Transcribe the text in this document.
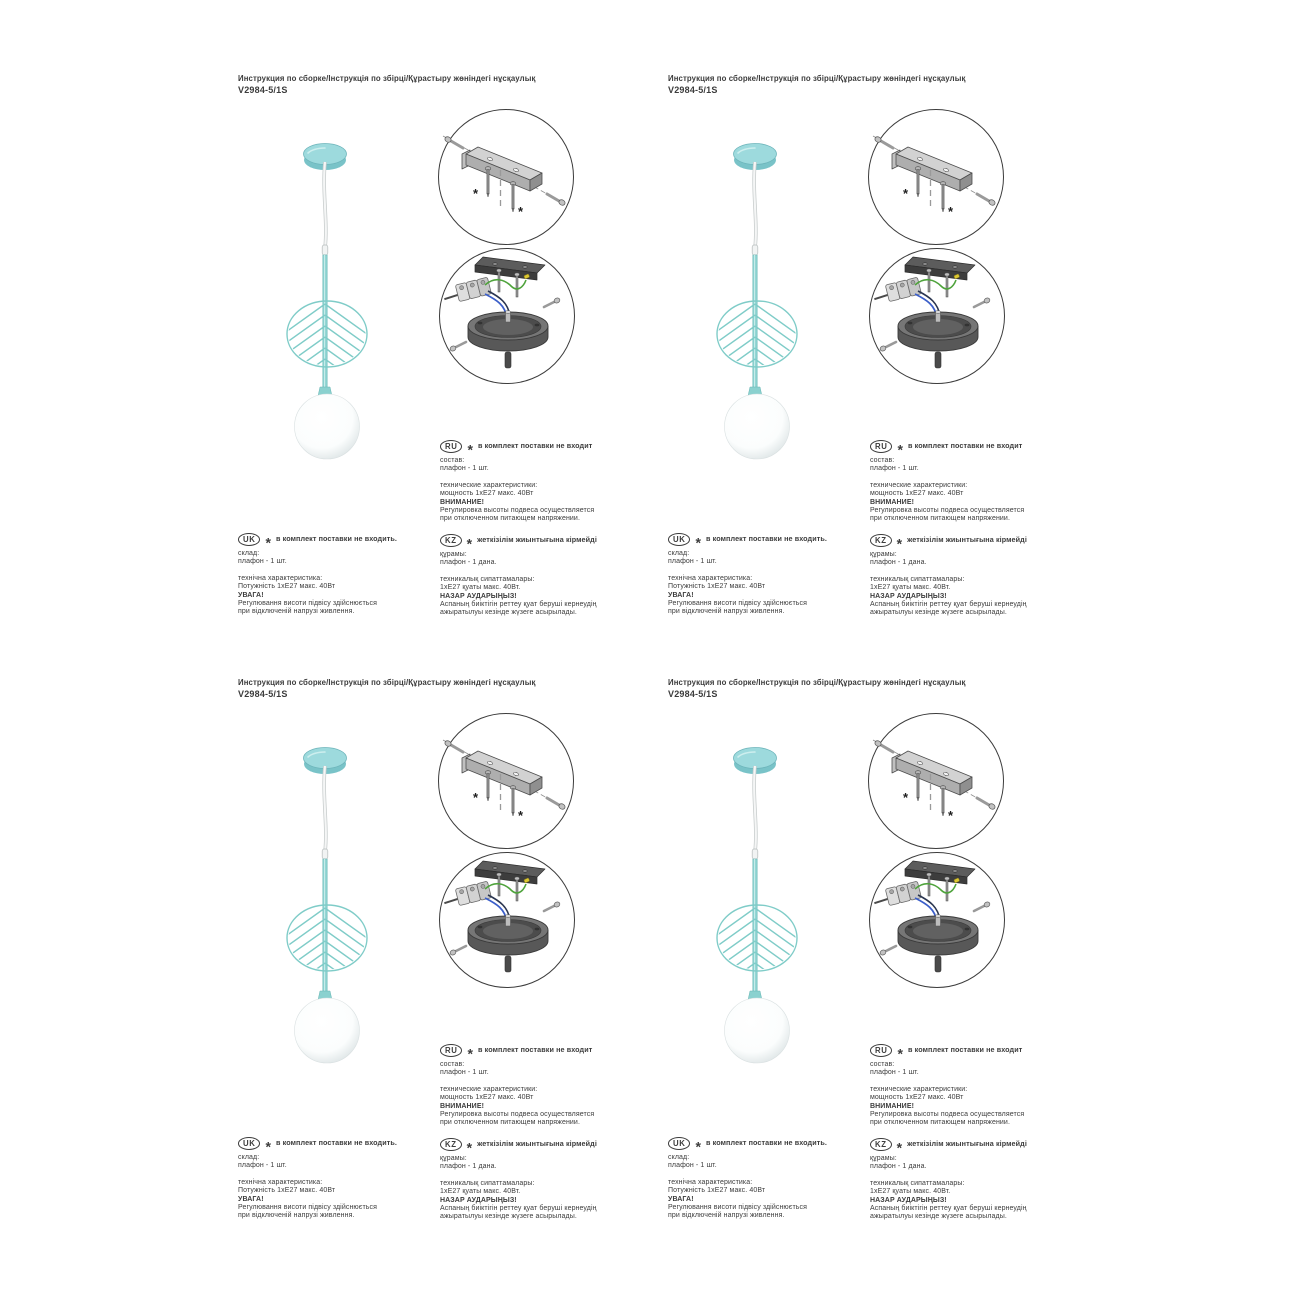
Инструкция по сборке/Інструкція по збірці/Құрастыру жөніндегі нұсқаулық
V2984-5/1S
*
*
RU * в комплект поставки не входит
состав:
плафон - 1 шт.
технические характеристики:
мощность 1хЕ27 макс. 40Вт
ВНИМАНИЕ!
Регулировка высоты подвеса осуществляется
при отключенном питающем напряжении.
UK * в комплект поставки не входить.
склад:
плафон - 1 шт.
технічна характеристика:
Потужність 1хЕ27 макс. 40Вт
УВАГА!
Регулювання висоти підвісу здійснюється
при відключеній напрузі живлення.
KZ * жеткізілім жиынтығына кірмейді
құрамы:
плафон - 1 дана.
техникалық сипаттамалары:
1хЕ27 қуаты макс. 40Вт.
НАЗАР АУДАРЫҢЫЗ!
Аспаның биіктігін реттеу қуат беруші кернеудің
ажыратылуы кезінде жүзеге асырылады.
Инструкция по сборке/Інструкція по збірці/Құрастыру жөніндегі нұсқаулық
V2984-5/1S
*
*
RU * в комплект поставки не входит
состав:
плафон - 1 шт.
технические характеристики:
мощность 1хЕ27 макс. 40Вт
ВНИМАНИЕ!
Регулировка высоты подвеса осуществляется
при отключенном питающем напряжении.
UK * в комплект поставки не входить.
склад:
плафон - 1 шт.
технічна характеристика:
Потужність 1хЕ27 макс. 40Вт
УВАГА!
Регулювання висоти підвісу здійснюється
при відключеній напрузі живлення.
KZ * жеткізілім жиынтығына кірмейді
құрамы:
плафон - 1 дана.
техникалық сипаттамалары:
1хЕ27 қуаты макс. 40Вт.
НАЗАР АУДАРЫҢЫЗ!
Аспаның биіктігін реттеу қуат беруші кернеудің
ажыратылуы кезінде жүзеге асырылады.
Инструкция по сборке/Інструкція по збірці/Құрастыру жөніндегі нұсқаулық
V2984-5/1S
*
*
RU * в комплект поставки не входит
состав:
плафон - 1 шт.
технические характеристики:
мощность 1хЕ27 макс. 40Вт
ВНИМАНИЕ!
Регулировка высоты подвеса осуществляется
при отключенном питающем напряжении.
UK * в комплект поставки не входить.
склад:
плафон - 1 шт.
технічна характеристика:
Потужність 1хЕ27 макс. 40Вт
УВАГА!
Регулювання висоти підвісу здійснюється
при відключеній напрузі живлення.
KZ * жеткізілім жиынтығына кірмейді
құрамы:
плафон - 1 дана.
техникалық сипаттамалары:
1хЕ27 қуаты макс. 40Вт.
НАЗАР АУДАРЫҢЫЗ!
Аспаның биіктігін реттеу қуат беруші кернеудің
ажыратылуы кезінде жүзеге асырылады.
Инструкция по сборке/Інструкція по збірці/Құрастыру жөніндегі нұсқаулық
V2984-5/1S
*
*
RU * в комплект поставки не входит
состав:
плафон - 1 шт.
технические характеристики:
мощность 1хЕ27 макс. 40Вт
ВНИМАНИЕ!
Регулировка высоты подвеса осуществляется
при отключенном питающем напряжении.
UK * в комплект поставки не входить.
склад:
плафон - 1 шт.
технічна характеристика:
Потужність 1хЕ27 макс. 40Вт
УВАГА!
Регулювання висоти підвісу здійснюється
при відключеній напрузі живлення.
KZ * жеткізілім жиынтығына кірмейді
құрамы:
плафон - 1 дана.
техникалық сипаттамалары:
1хЕ27 қуаты макс. 40Вт.
НАЗАР АУДАРЫҢЫЗ!
Аспаның биіктігін реттеу қуат беруші кернеудің
ажыратылуы кезінде жүзеге асырылады.
